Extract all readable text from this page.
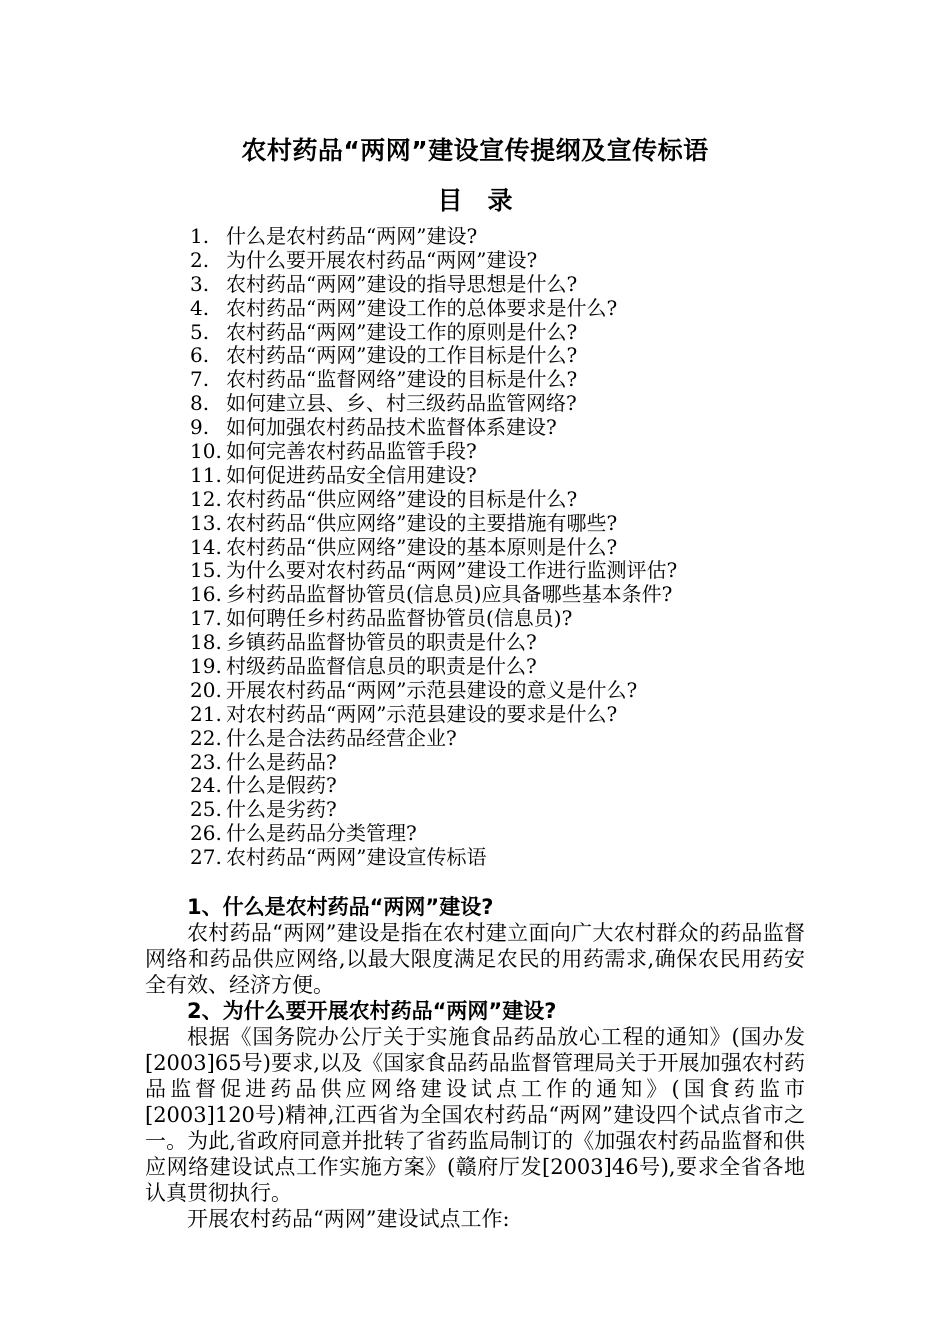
农村药品“两网”建设宣传提纲及宣传标语
目　录
1. 什么是农村药品“两网”建设?
2. 为什么要开展农村药品“两网”建设?
3. 农村药品“两网”建设的指导思想是什么?
4. 农村药品“两网”建设工作的总体要求是什么?
5. 农村药品“两网”建设工作的原则是什么?
6. 农村药品“两网”建设的工作目标是什么?
7. 农村药品“监督网络”建设的目标是什么?
8. 如何建立县、乡、村三级药品监管网络?
9. 如何加强农村药品技术监督体系建设?
10. 如何完善农村药品监管手段?
11. 如何促进药品安全信用建设?
12. 农村药品“供应网络”建设的目标是什么?
13. 农村药品“供应网络”建设的主要措施有哪些?
14. 农村药品“供应网络”建设的基本原则是什么?
15. 为什么要对农村药品“两网”建设工作进行监测评估?
16. 乡村药品监督协管员(信息员)应具备哪些基本条件?
17. 如何聘任乡村药品监督协管员(信息员)?
18. 乡镇药品监督协管员的职责是什么?
19. 村级药品监督信息员的职责是什么?
20. 开展农村药品“两网”示范县建设的意义是什么?
21. 对农村药品“两网”示范县建设的要求是什么?
22. 什么是合法药品经营企业?
23. 什么是药品?
24. 什么是假药?
25. 什么是劣药?
26. 什么是药品分类管理?
27. 农村药品“两网”建设宣传标语

1、什么是农村药品“两网”建设?

农村药品“两网”建设是指在农村建立面向广大农村群众的药品监督网络和药品供应网络,以最大限度满足农民的用药需求,确保农民用药安全有效、经济方便。

2、为什么要开展农村药品“两网”建设?

根据《国务院办公厅关于实施食品药品放心工程的通知》(国办发[2003]65号)要求,以及《国家食品药品监督管理局关于开展加强农村药品监督促进药品供应网络建设试点工作的通知》(国食药监市[2003]120号)精神,江西省为全国农村药品“两网”建设四个试点省市之一。为此,省政府同意并批转了省药监局制订的《加强农村药品监督和供应网络建设试点工作实施方案》(赣府厅发[2003]46号),要求全省各地认真贯彻执行。

开展农村药品“两网”建设试点工作:
